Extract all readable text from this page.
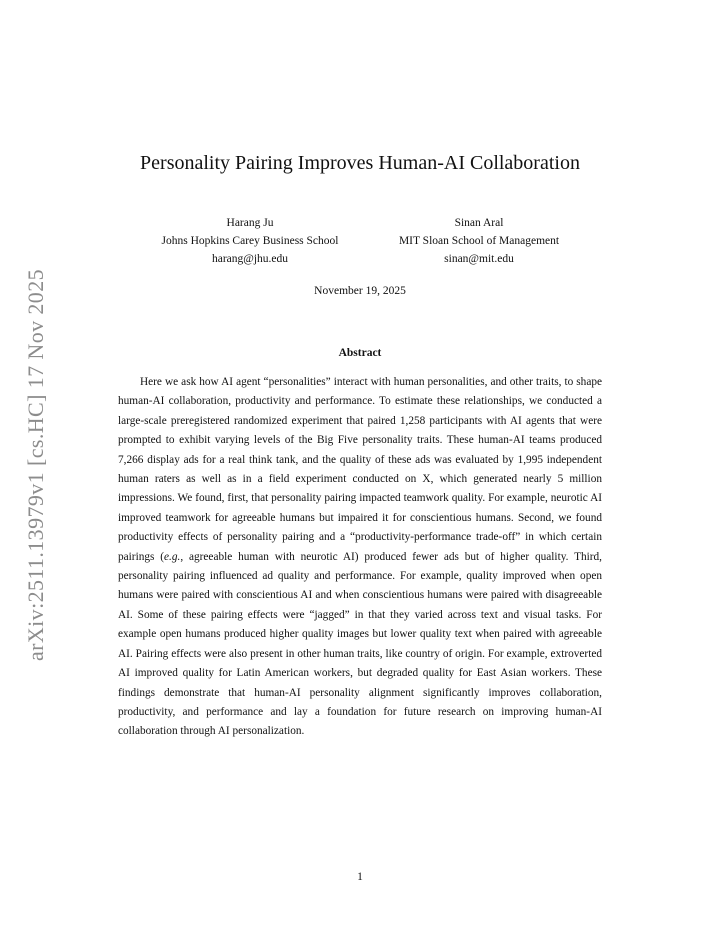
arXiv:2511.13979v1 [cs.HC] 17 Nov 2025
Personality Pairing Improves Human-AI Collaboration
Harang Ju
Johns Hopkins Carey Business School
harang@jhu.edu
Sinan Aral
MIT Sloan School of Management
sinan@mit.edu
November 19, 2025
Abstract

Here we ask how AI agent “personalities” interact with human personalities, and other traits, to shape human-AI collaboration, productivity and performance. To estimate these relationships, we conducted a large-scale preregistered randomized experiment that paired 1,258 participants with AI agents that were prompted to exhibit varying levels of the Big Five personality traits. These human-AI teams produced 7,266 display ads for a real think tank, and the quality of these ads was evaluated by 1,995 independent human raters as well as in a field experiment conducted on X, which generated nearly 5 million impressions. We found, first, that personality pairing impacted teamwork quality. For example, neurotic AI improved teamwork for agreeable humans but impaired it for conscientious humans. Second, we found productivity effects of personality pairing and a “productivity-performance trade-off” in which certain pairings (e.g., agreeable human with neurotic AI) produced fewer ads but of higher quality. Third, personality pairing influenced ad quality and performance. For example, quality improved when open humans were paired with conscientious AI and when conscientious humans were paired with disagreeable AI. Some of these pairing effects were “jagged” in that they varied across text and visual tasks. For example open humans produced higher quality images but lower quality text when paired with agreeable AI. Pairing effects were also present in other human traits, like country of origin. For example, extroverted AI improved quality for Latin American workers, but degraded quality for East Asian workers. These findings demonstrate that human-AI personality alignment significantly improves collaboration, productivity, and performance and lay a foundation for future research on improving human-AI collaboration through AI personalization.

1
